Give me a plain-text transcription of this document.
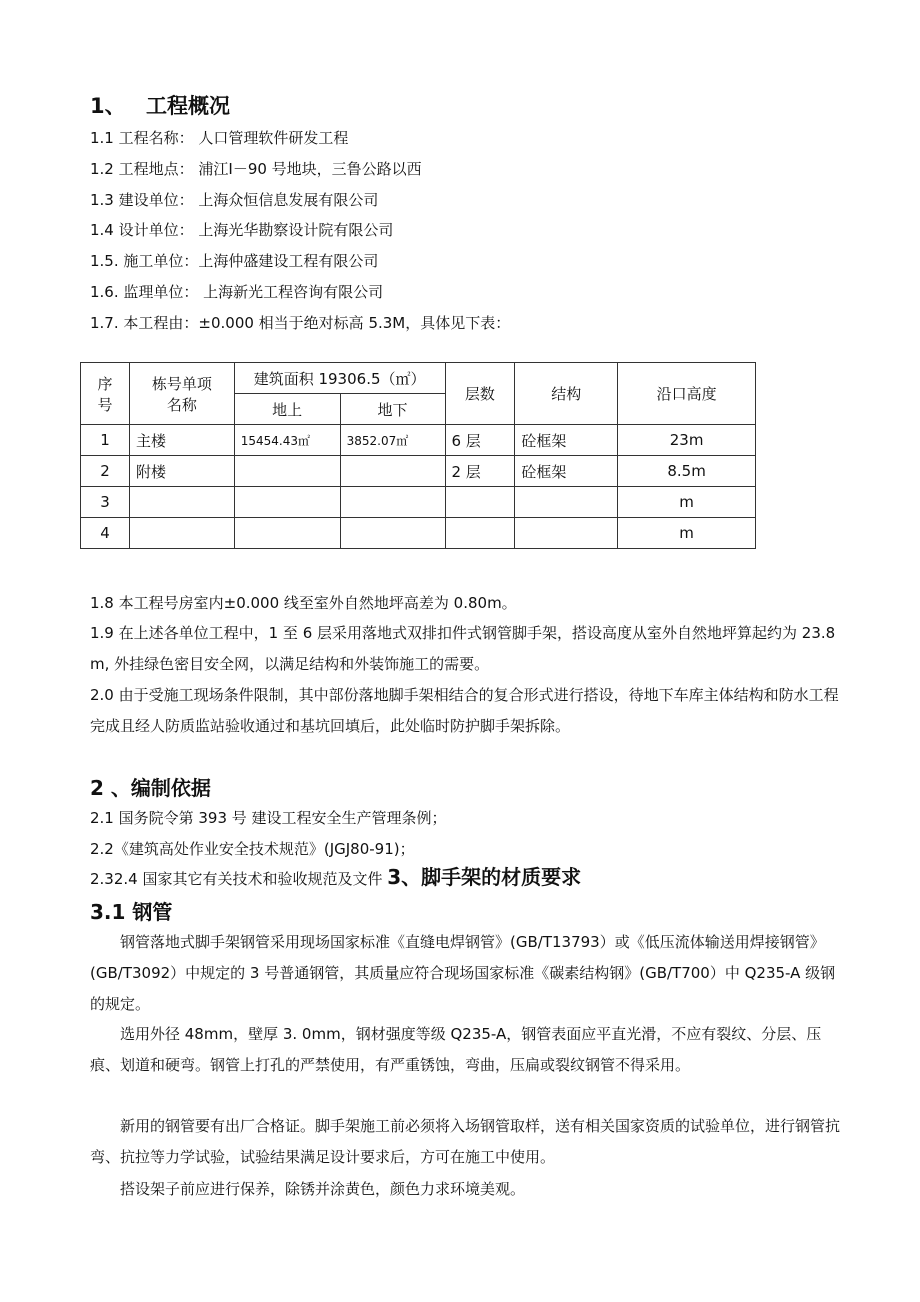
1、 工程概况
1.1 工程名称： 人口管理软件研发工程
1.2 工程地点： 浦江Ⅰ－90 号地块，三鲁公路以西
1.3 建设单位： 上海众恒信息发展有限公司
1.4 设计单位： 上海光华勘察设计院有限公司
1.5. 施工单位：上海仲盛建设工程有限公司
1.6. 监理单位： 上海新光工程咨询有限公司
1.7. 本工程由：±0.000 相当于绝对标高 5.3M，具体见下表：
序
号	栋号单项
名称	建筑面积 19306.5（㎡）		层数	结构	沿口高度
		地上	地下			
1	主楼	15454.43㎡	3852.07㎡	6 层	砼框架	23m
2	附楼			2 层	砼框架	8.5m
3						m
4						m
1.8 本工程号房室内±0.000 线至室外自然地坪高差为 0.80m。
1.9 在上述各单位工程中，1 至 6 层采用落地式双排扣件式钢管脚手架，搭设高度从室外自然地坪算起约为 23.8 m, 外挂绿色密目安全网，以满足结构和外装饰施工的需要。
2.0 由于受施工现场条件限制，其中部份落地脚手架相结合的复合形式进行搭设，待地下车库主体结构和防水工程完成且经人防质监站验收通过和基坑回填后，此处临时防护脚手架拆除。
2 、编制依据
2.1 国务院令第 393 号 建设工程安全生产管理条例；
2.2《建筑高处作业安全技术规范》(JGJ80-91)；
2.32.4 国家其它有关技术和验收规范及文件 3、脚手架的材质要求
3.1 钢管
钢管落地式脚手架钢管采用现场国家标准《直缝电焊钢管》(GB/T13793）或《低压流体输送用焊接钢管》(GB/T3092）中规定的 3 号普通钢管，其质量应符合现场国家标准《碳素结构钢》(GB/T700）中 Q235-A 级钢的规定。
选用外径 48mm，壁厚 3. 0mm，钢材强度等级 Q235-A，钢管表面应平直光滑，不应有裂纹、分层、压痕、划道和硬弯。钢管上打孔的严禁使用，有严重锈蚀，弯曲，压扁或裂纹钢管不得采用。
新用的钢管要有出厂合格证。脚手架施工前必须将入场钢管取样，送有相关国家资质的试验单位，进行钢管抗弯、抗拉等力学试验，试验结果满足设计要求后，方可在施工中使用。
搭设架子前应进行保养，除锈并涂黄色，颜色力求环境美观。
